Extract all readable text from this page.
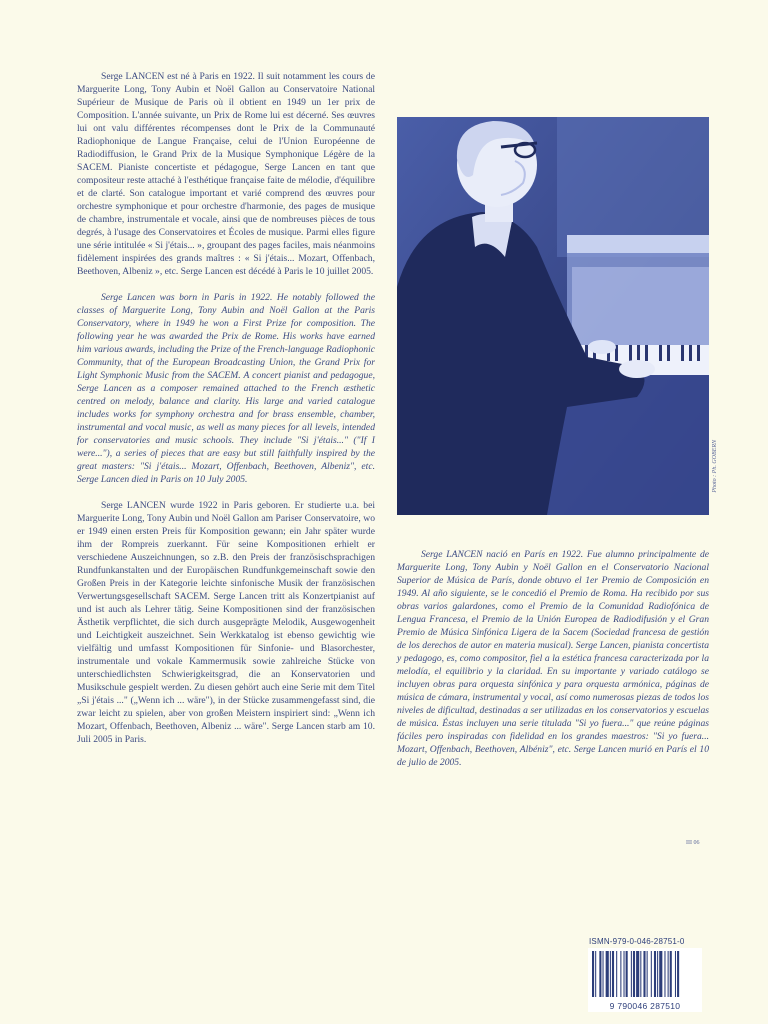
Serge LANCEN est né à Paris en 1922. Il suit notamment les cours de Marguerite Long, Tony Aubin et Noël Gallon au Conservatoire National Supérieur de Musique de Paris où il obtient en 1949 un 1er prix de Composition. L'année suivante, un Prix de Rome lui est décerné. Ses œuvres lui ont valu différentes récompenses dont le Prix de la Communauté Radiophonique de Langue Française, celui de l'Union Européenne de Radiodiffusion, le Grand Prix de la Musique Symphonique Légère de la SACEM. Pianiste concertiste et pédagogue, Serge Lancen en tant que compositeur reste attaché à l'esthétique française faite de mélodie, d'équilibre et de clarté. Son catalogue important et varié comprend des œuvres pour orchestre symphonique et pour orchestre d'harmonie, des pages de musique de chambre, instrumentale et vocale, ainsi que de nombreuses pièces de tous degrés, à l'usage des Conservatoires et Écoles de musique. Parmi elles figure une série intitulée « Si j'étais... », groupant des pages faciles, mais néanmoins fidèlement inspirées des grands maîtres : « Si j'étais... Mozart, Offenbach, Beethoven, Albeniz », etc. Serge Lancen est décédé à Paris le 10 juillet 2005.

Serge Lancen was born in Paris in 1922. He notably followed the classes of Marguerite Long, Tony Aubin and Noël Gallon at the Paris Conservatory, where in 1949 he won a First Prize for composition. The following year he was awarded the Prix de Rome. His works have earned him various awards, including the Prize of the French-language Radiophonic Community, that of the European Broadcasting Union, the Grand Prix for Light Symphonic Music from the SACEM. A concert pianist and pedagogue, Serge Lancen as a composer remained attached to the French æsthetic centred on melody, balance and clarity. His large and varied catalogue includes works for symphony orchestra and for brass ensemble, chamber, instrumental and vocal music, as well as many pieces for all levels, intended for conservatories and music schools. They include "Si j'étais..." ("If I were..."), a series of pieces that are easy but still faithfully inspired by the great masters: "Si j'étais... Mozart, Offenbach, Beethoven, Albeniz", etc. Serge Lancen died in Paris on 10 July 2005.

Serge LANCEN wurde 1922 in Paris geboren. Er studierte u.a. bei Marguerite Long, Tony Aubin und Noël Gallon am Pariser Conservatoire, wo er 1949 einen ersten Preis für Komposition gewann; ein Jahr später wurde ihm der Rompreis zuerkannt. Für seine Kompositionen erhielt er verschiedene Auszeichnungen, so z.B. den Preis der französischsprachigen Rundfunkanstalten und der Europäischen Rundfunkgemeinschaft sowie den Großen Preis in der Kategorie leichte sinfonische Musik der französischen Verwertungsgesellschaft SACEM. Serge Lancen tritt als Konzertpianist auf und ist auch als Lehrer tätig. Seine Kompositionen sind der französischen Ästhetik verpflichtet, die sich durch ausgeprägte Melodik, Ausgewogenheit und Leichtigkeit auszeichnet. Sein Werkkatalog ist ebenso gewichtig wie vielfältig und umfasst Kompositionen für Sinfonie- und Blasorchester, instrumentale und vokale Kammermusik sowie zahlreiche Stücke von unterschiedlichsten Schwierigkeitsgrad, die an Konservatorien und Musikschule gespielt werden. Zu diesen gehört auch eine Serie mit dem Titel „Si j'étais ..." („Wenn ich ... wäre"), in der Stücke zusammengefasst sind, die zwar leicht zu spielen, aber von großen Meistern inspiriert sind: „Wenn ich Mozart, Offenbach, Beethoven, Albeniz ... wäre". Serge Lancen starb am 10. Juli 2005 in Paris.

Photo : Ph. GOBERN

Serge LANCEN nació en París en 1922. Fue alumno principalmente de Marguerite Long, Tony Aubin y Noël Gallon en el Conservatorio Nacional Superior de Música de París, donde obtuvo el 1er Premio de Composición en 1949. Al año siguiente, se le concedió el Premio de Roma. Ha recibido por sus obras varios galardones, como el Premio de la Comunidad Radiofónica de Lengua Francesa, el Premio de la Unión Europea de Radiodifusión y el Gran Premio de Música Sinfónica Ligera de la Sacem (Sociedad francesa de gestión de los derechos de autor en materia musical). Serge Lancen, pianista concertista y pedagogo, es, como compositor, fiel a la estética francesa caracterizada por la melodía, el equilibrio y la claridad. En su importante y variado catálogo se incluyen obras para orquesta sinfónica y para orquesta armónica, páginas de música de cámara, instrumental y vocal, así como numerosas piezas de todos los niveles de dificultad, destinadas a ser utilizadas en los conservatorios y escuelas de música. Éstas incluyen una serie titulada "Si yo fuera..." que reúne páginas fáciles pero inspiradas con fidelidad en los grandes maestros: "Si yo fuera... Mozart, Offenbach, Beethoven, Albéniz", etc. Serge Lancen murió en París el 10 de julio de 2005.

III 06
ISMN-979-0-046-28751-0
9 790046 287510
